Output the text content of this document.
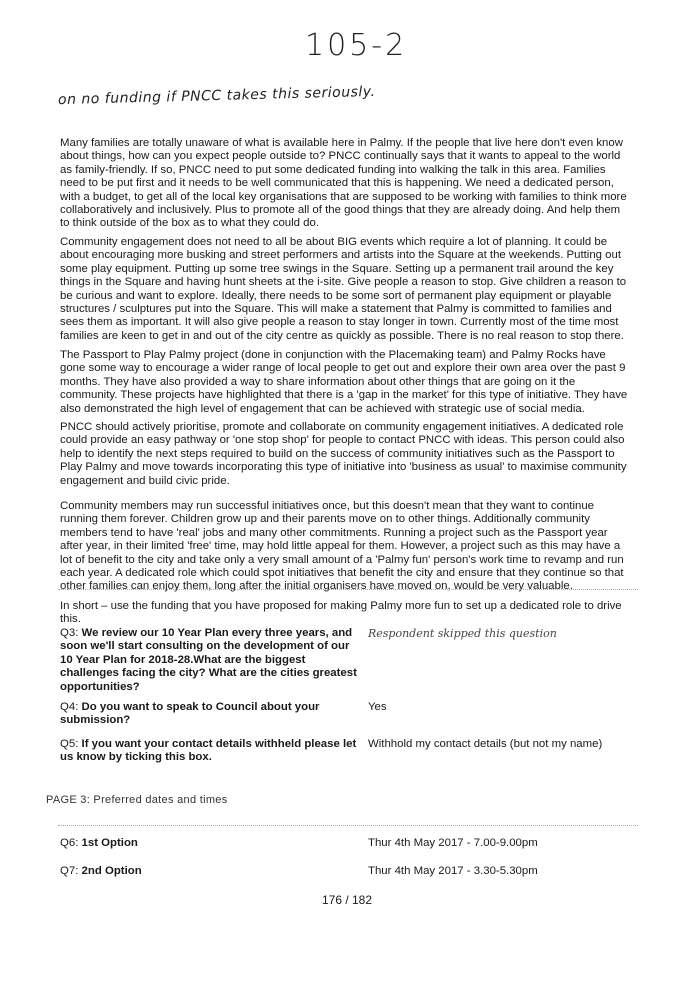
105-2
on no funding if PNCC takes this seriously.

Many families are totally unaware of what is available here in Palmy. If the people that live here don't even know about things, how can you expect people outside to? PNCC continually says that it wants to appeal to the world as family-friendly. If so, PNCC need to put some dedicated funding into walking the talk in this area. Families need to be put first and it needs to be well communicated that this is happening. We need a dedicated person, with a budget, to get all of the local key organisations that are supposed to be working with families to think more collaboratively and inclusively. Plus to promote all of the good things that they are already doing. And help them to think outside of the box as to what they could do.

Community engagement does not need to all be about BIG events which require a lot of planning. It could be about encouraging more busking and street performers and artists into the Square at the weekends. Putting out some play equipment. Putting up some tree swings in the Square. Setting up a permanent trail around the key things in the Square and having hunt sheets at the i-site. Give people a reason to stop. Give children a reason to be curious and want to explore. Ideally, there needs to be some sort of permanent play equipment or playable structures / sculptures put into the Square. This will make a statement that Palmy is committed to families and sees them as important. It will also give people a reason to stay longer in town. Currently most of the time most families are keen to get in and out of the city centre as quickly as possible. There is no real reason to stop there.

The Passport to Play Palmy project (done in conjunction with the Placemaking team) and Palmy Rocks have gone some way to encourage a wider range of local people to get out and explore their own area over the past 9 months. They have also provided a way to share information about other things that are going on it the community. These projects have highlighted that there is a 'gap in the market' for this type of initiative. They have also demonstrated the high level of engagement that can be achieved with strategic use of social media.

PNCC should actively prioritise, promote and collaborate on community engagement initiatives. A dedicated role could provide an easy pathway or 'one stop shop' for people to contact PNCC with ideas. This person could also help to identify the next steps required to build on the success of community initiatives such as the Passport to Play Palmy and move towards incorporating this type of initiative into 'business as usual' to maximise community engagement and build civic pride.

Community members may run successful initiatives once, but this doesn't mean that they want to continue running them forever. Children grow up and their parents move on to other things. Additionally community members tend to have 'real' jobs and many other commitments. Running a project such as the Passport year after year, in their limited 'free' time, may hold little appeal for them. However, a project such as this may have a lot of benefit to the city and take only a very small amount of a 'Palmy fun' person's work time to revamp and run each year. A dedicated role which could spot initiatives that benefit the city and ensure that they continue so that other families can enjoy them, long after the initial organisers have moved on, would be very valuable.

In short – use the funding that you have proposed for making Palmy more fun to set up a dedicated role to drive this.

Q3: We review our 10 Year Plan every three years, and soon we'll start consulting on the development of our 10 Year Plan for 2018-28.What are the biggest challenges facing the city? What are the cities greatest opportunities?
Respondent skipped this question
Q4: Do you want to speak to Council about your submission?
Yes
Q5: If you want your contact details withheld please let us know by ticking this box.
Withhold my contact details (but not my name)
PAGE 3: Preferred dates and times
Q6: 1st Option	Thur 4th May 2017 - 7.00-9.00pm
Q7: 2nd Option	Thur 4th May 2017 - 3.30-5.30pm
176 / 182
